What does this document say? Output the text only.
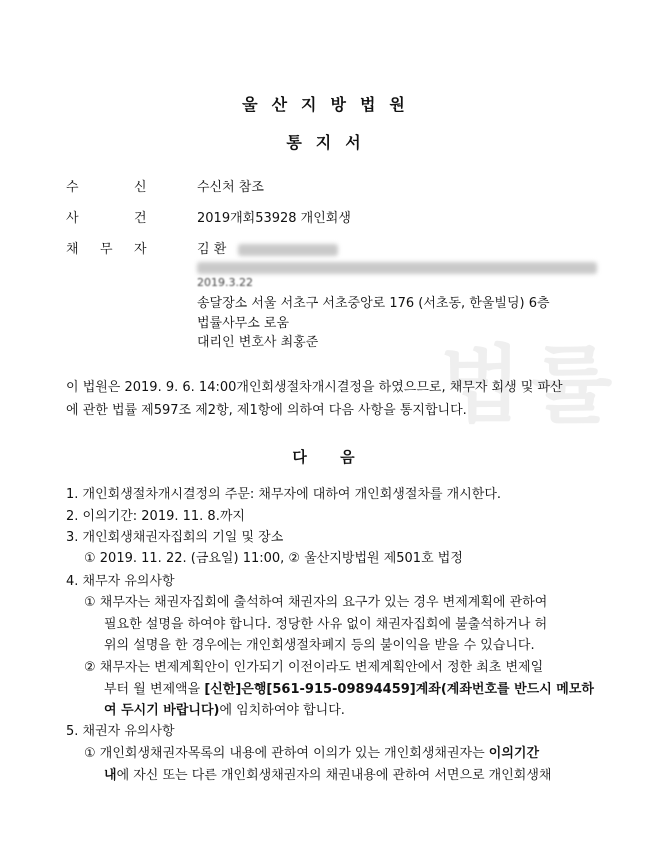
울산지방법원
통지서
법률
수	신	수신처 참조
사	건	2019개회53928 개인회생
채 무 자	김 환
2019.3.22
송달장소 서울 서초구 서초중앙로 176 (서초동, 한울빌딩) 6층
법률사무소 로움
대리인 변호사 최홍준
이 법원은 2019. 9. 6. 14:00개인회생절차개시결정을 하였으므로, 채무자 회생 및 파산
에 관한 법률 제597조 제2항, 제1항에 의하여 다음 사항을 통지합니다.
다 음
1. 개인회생절차개시결정의 주문: 채무자에 대하여 개인회생절차를 개시한다.
2. 이의기간: 2019. 11. 8.까지
3. 개인회생채권자집회의 기일 및 장소
① 2019. 11. 22. (금요일) 11:00, ② 울산지방법원 제501호 법정
4. 채무자 유의사항
① 채무자는 채권자집회에 출석하여 채권자의 요구가 있는 경우 변제계획에 관하여
필요한 설명을 하여야 합니다. 정당한 사유 없이 채권자집회에 불출석하거나 허
위의 설명을 한 경우에는 개인회생절차폐지 등의 불이익을 받을 수 있습니다.
② 채무자는 변제계획안이 인가되기 이전이라도 변제계획안에서 정한 최초 변제일
부터 월 변제액을 [신한]은행[561-915-09894459]계좌(계좌번호를 반드시 메모하
여 두시기 바랍니다)에 임치하여야 합니다.
5. 채권자 유의사항
① 개인회생채권자목록의 내용에 관하여 이의가 있는 개인회생채권자는 이의기간
내에 자신 또는 다른 개인회생채권자의 채권내용에 관하여 서면으로 개인회생채
